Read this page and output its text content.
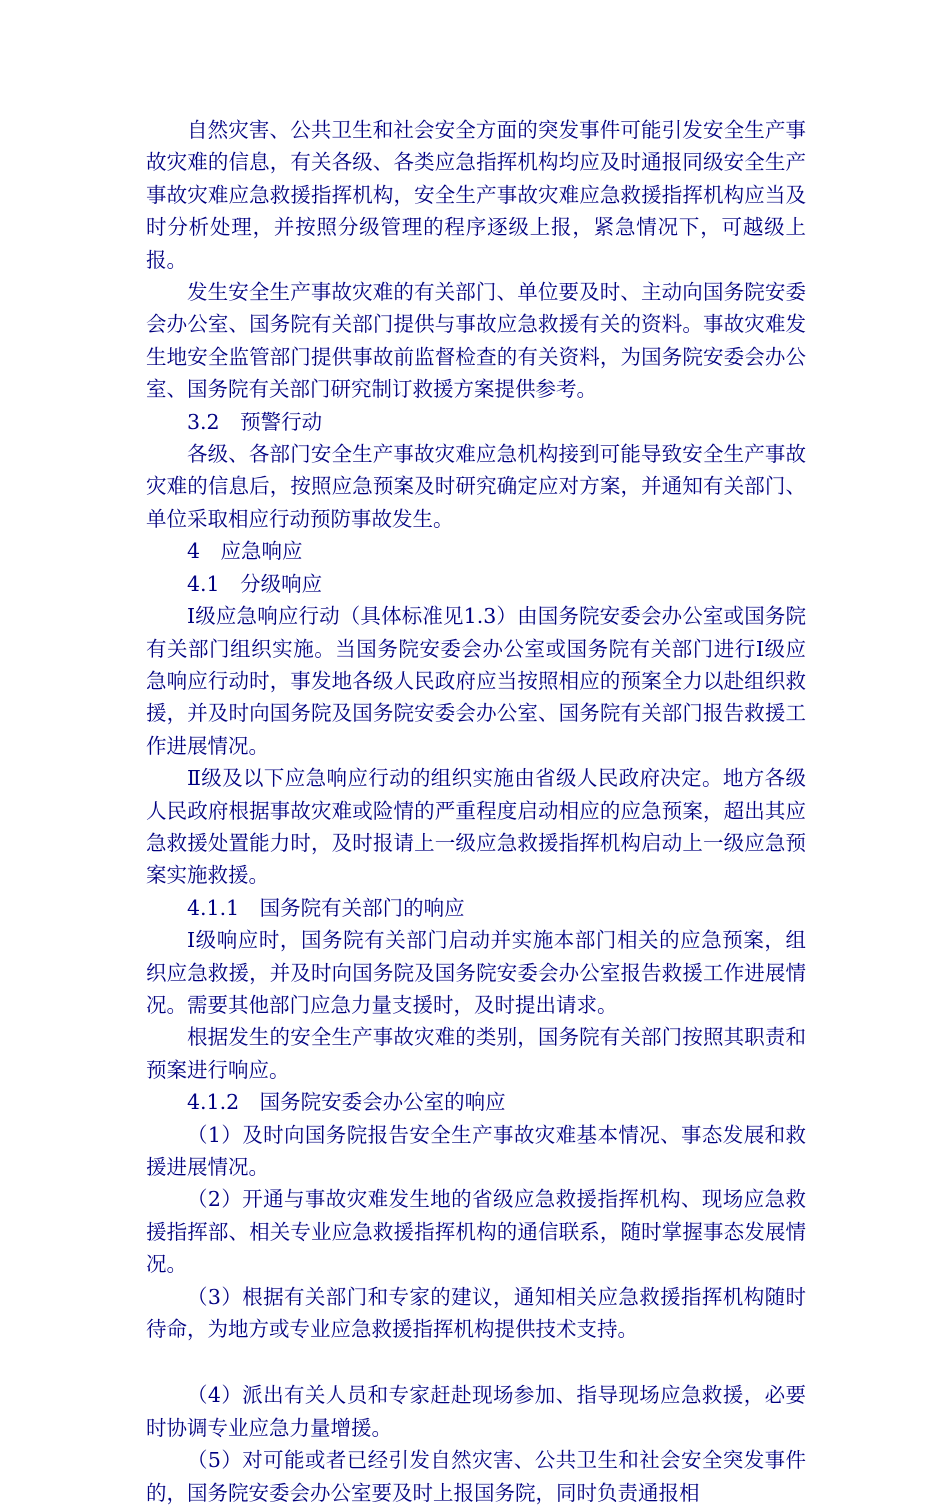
自然灾害、公共卫生和社会安全方面的突发事件可能引发安全生产事故灾难的信息，有关各级、各类应急指挥机构均应及时通报同级安全生产事故灾难应急救援指挥机构，安全生产事故灾难应急救援指挥机构应当及时分析处理，并按照分级管理的程序逐级上报，紧急情况下，可越级上报。

发生安全生产事故灾难的有关部门、单位要及时、主动向国务院安委会办公室、国务院有关部门提供与事故应急救援有关的资料。事故灾难发生地安全监管部门提供事故前监督检查的有关资料，为国务院安委会办公室、国务院有关部门研究制订救援方案提供参考。

3.2　预警行动

各级、各部门安全生产事故灾难应急机构接到可能导致安全生产事故灾难的信息后，按照应急预案及时研究确定应对方案，并通知有关部门、单位采取相应行动预防事故发生。

4　应急响应

4.1　分级响应

Ⅰ级应急响应行动（具体标准见1.3）由国务院安委会办公室或国务院有关部门组织实施。当国务院安委会办公室或国务院有关部门进行Ⅰ级应急响应行动时，事发地各级人民政府应当按照相应的预案全力以赴组织救援，并及时向国务院及国务院安委会办公室、国务院有关部门报告救援工作进展情况。

Ⅱ级及以下应急响应行动的组织实施由省级人民政府决定。地方各级人民政府根据事故灾难或险情的严重程度启动相应的应急预案，超出其应急救援处置能力时，及时报请上一级应急救援指挥机构启动上一级应急预案实施救援。

4.1.1　国务院有关部门的响应

Ⅰ级响应时，国务院有关部门启动并实施本部门相关的应急预案，组织应急救援，并及时向国务院及国务院安委会办公室报告救援工作进展情况。需要其他部门应急力量支援时，及时提出请求。

根据发生的安全生产事故灾难的类别，国务院有关部门按照其职责和预案进行响应。

4.1.2　国务院安委会办公室的响应

（1）及时向国务院报告安全生产事故灾难基本情况、事态发展和救援进展情况。

（2）开通与事故灾难发生地的省级应急救援指挥机构、现场应急救援指挥部、相关专业应急救援指挥机构的通信联系，随时掌握事态发展情况。

（3）根据有关部门和专家的建议，通知相关应急救援指挥机构随时待命，为地方或专业应急救援指挥机构提供技术支持。

（4）派出有关人员和专家赶赴现场参加、指导现场应急救援，必要时协调专业应急力量增援。

（5）对可能或者已经引发自然灾害、公共卫生和社会安全突发事件的，国务院安委会办公室要及时上报国务院，同时负责通报相
